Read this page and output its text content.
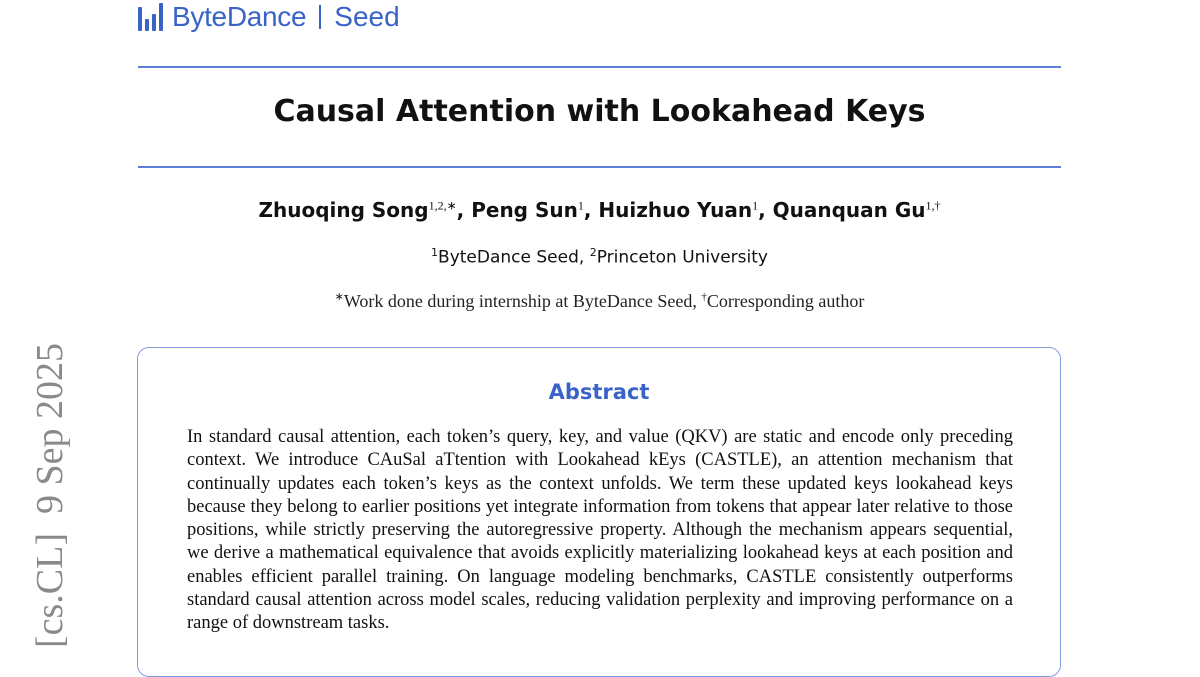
ByteDance Seed
Causal Attention with Lookahead Keys
Zhuoqing Song$^{1,2,∗}$, Peng Sun$^1$, Huizhuo Yuan$^1$, Quanquan $Gu^{1,\dagger}$
$^1$ByteDance Seed, $^2$Princeton University
∗Work done during internship at ByteDance Seed, †Corresponding author
Abstract
In standard causal attention, each token’s query, key, and value (QKV) are static and encode only preceding context. We introduce CAuSal aTtention with Lookahead kEys (CASTLE), an attention mechanism that continually updates each token’s keys as the context unfolds. We term these updated keys lookahead keys because they belong to earlier positions yet integrate information from tokens that appear later relative to those positions, while strictly preserving the autoregressive property. Although the mechanism appears sequential, we derive a mathematical equivalence that avoids explicitly materializing lookahead keys at each position and enables efficient parallel training. On language modeling benchmarks, CASTLE consistently outperforms standard causal attention across model scales, reducing validation perplexity and improving performance on a range of downstream tasks.
[cs.CL]  9 Sep 2025
